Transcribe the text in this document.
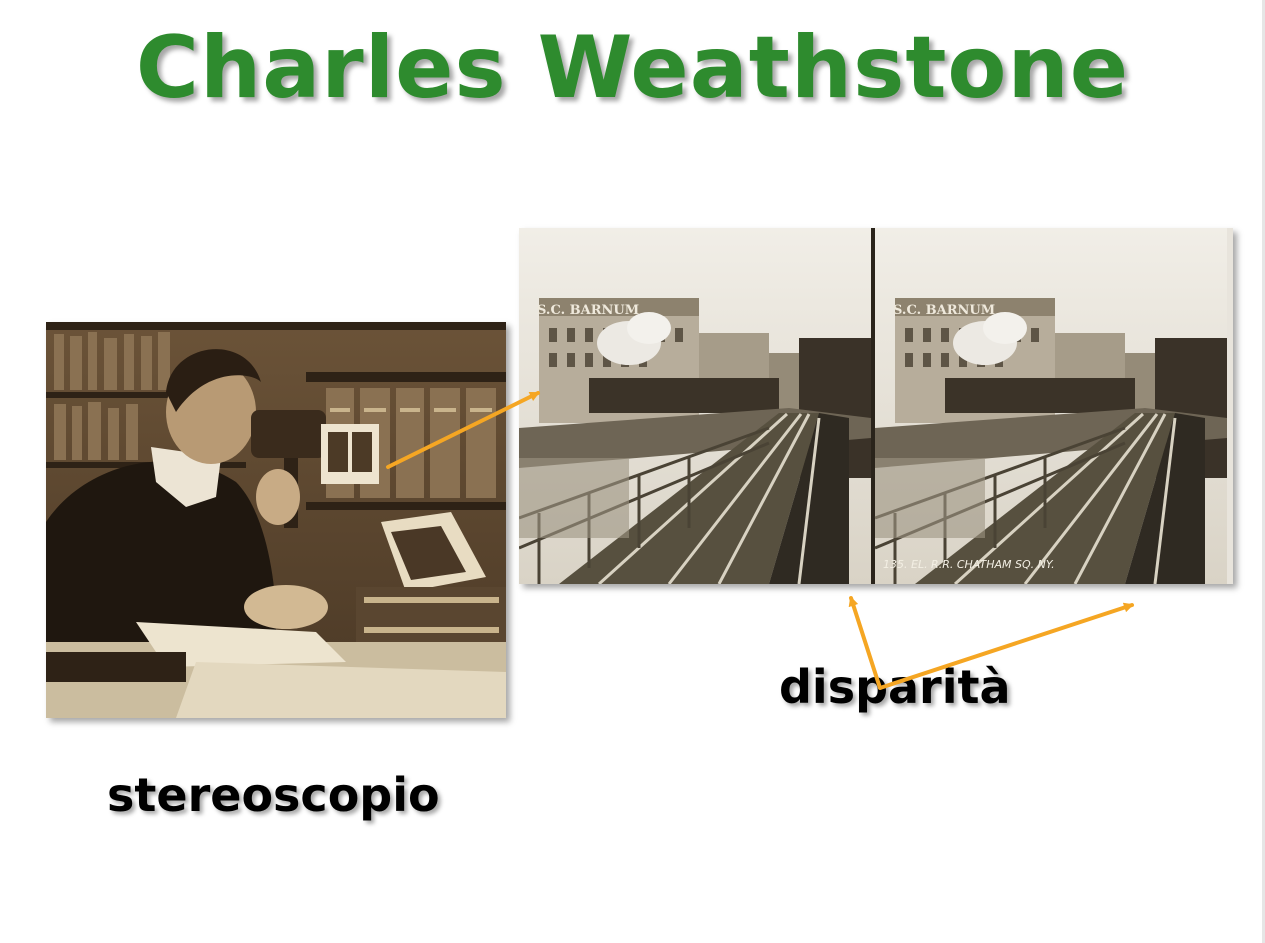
Charles Weathstone
S.C. BARNUM	S.C. BARNUM
135. EL. R.R. CHATHAM SQ. NY.

stereoscopio

disparità
